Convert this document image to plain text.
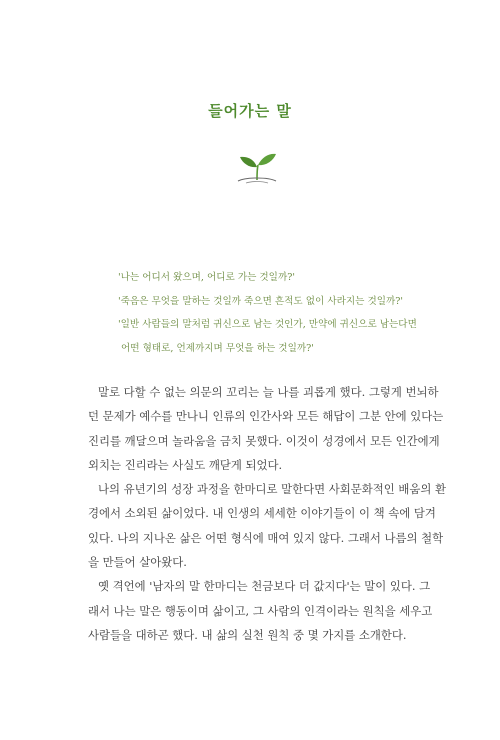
들어가는 말

'나는 어디서 왔으며, 어디로 가는 것일까?'

'죽음은 무엇을 말하는 것일까 죽으면 흔적도 없이 사라지는 것일까?'

'일반 사람들의 말처럼 귀신으로 남는 것인가, 만약에 귀신으로 남는다면

어떤 형태로, 언제까지며 무엇을 하는 것일까?'

말로 다할 수 없는 의문의 꼬리는 늘 나를 괴롭게 했다. 그렇게 번뇌하
던 문제가 예수를 만나니 인류의 인간사와 모든 해답이 그분 안에 있다는
진리를 깨달으며 놀라움을 금치 못했다. 이것이 성경에서 모든 인간에게
외치는 진리라는 사실도 깨닫게 되었다.

나의 유년기의 성장 과정을 한마디로 말한다면 사회문화적인 배움의 환
경에서 소외된 삶이었다. 내 인생의 세세한 이야기들이 이 책 속에 담겨
있다. 나의 지나온 삶은 어떤 형식에 매여 있지 않다. 그래서 나름의 철학
을 만들어 살아왔다.

옛 격언에 '남자의 말 한마디는 천금보다 더 값지다'는 말이 있다. 그
래서 나는 말은 행동이며 삶이고, 그 사람의 인격이라는 원칙을 세우고
사람들을 대하곤 했다. 내 삶의 실천 원칙 중 몇 가지를 소개한다.
